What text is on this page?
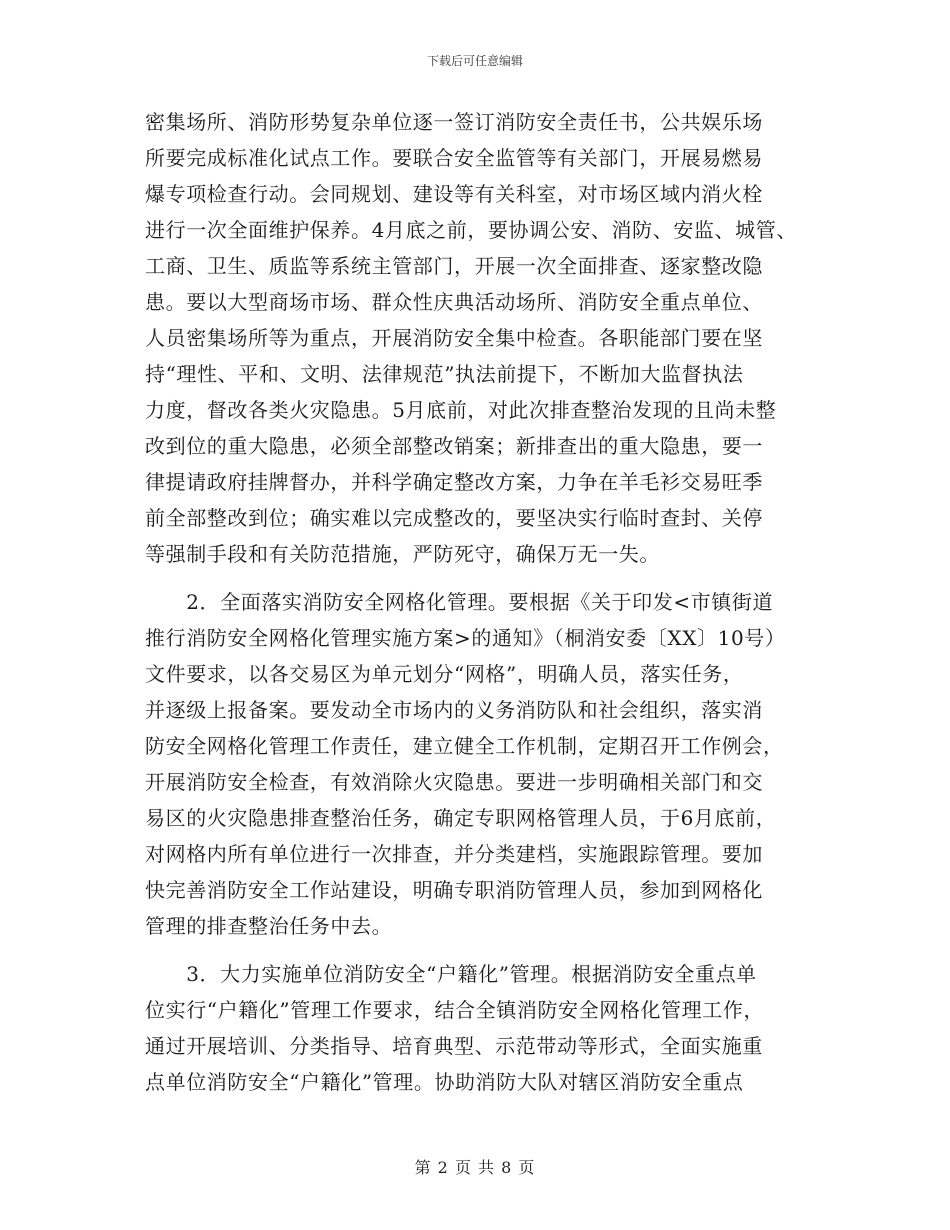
下载后可任意编辑
密集场所、消防形势复杂单位逐一签订消防安全责任书，公共娱乐场
所要完成标准化试点工作。要联合安全监管等有关部门，开展易燃易
爆专项检查行动。会同规划、建设等有关科室，对市场区域内消火栓
进行一次全面维护保养。4月底之前，要协调公安、消防、安监、城管、
工商、卫生、质监等系统主管部门，开展一次全面排查、逐家整改隐
患。要以大型商场市场、群众性庆典活动场所、消防安全重点单位、
人员密集场所等为重点，开展消防安全集中检查。各职能部门要在坚
持“理性、平和、文明、法律规范”执法前提下，不断加大监督执法
力度，督改各类火灾隐患。5月底前，对此次排查整治发现的且尚未整
改到位的重大隐患，必须全部整改销案；新排查出的重大隐患，要一
律提请政府挂牌督办，并科学确定整改方案，力争在羊毛衫交易旺季
前全部整改到位；确实难以完成整改的，要坚决实行临时查封、关停
等强制手段和有关防范措施，严防死守，确保万无一失。
　　2．全面落实消防安全网格化管理。要根据《关于印发<市镇街道
推行消防安全网格化管理实施方案>的通知》（桐消安委〔XX〕10号）
文件要求，以各交易区为单元划分“网格”，明确人员，落实任务，
并逐级上报备案。要发动全市场内的义务消防队和社会组织，落实消
防安全网格化管理工作责任，建立健全工作机制，定期召开工作例会，
开展消防安全检查，有效消除火灾隐患。要进一步明确相关部门和交
易区的火灾隐患排查整治任务，确定专职网格管理人员，于6月底前，
对网格内所有单位进行一次排查，并分类建档，实施跟踪管理。要加
快完善消防安全工作站建设，明确专职消防管理人员，参加到网格化
管理的排查整治任务中去。
　　3．大力实施单位消防安全“户籍化”管理。根据消防安全重点单
位实行“户籍化”管理工作要求，结合全镇消防安全网格化管理工作，
通过开展培训、分类指导、培育典型、示范带动等形式，全面实施重
点单位消防安全“户籍化”管理。协助消防大队对辖区消防安全重点
第 2 页 共 8 页
